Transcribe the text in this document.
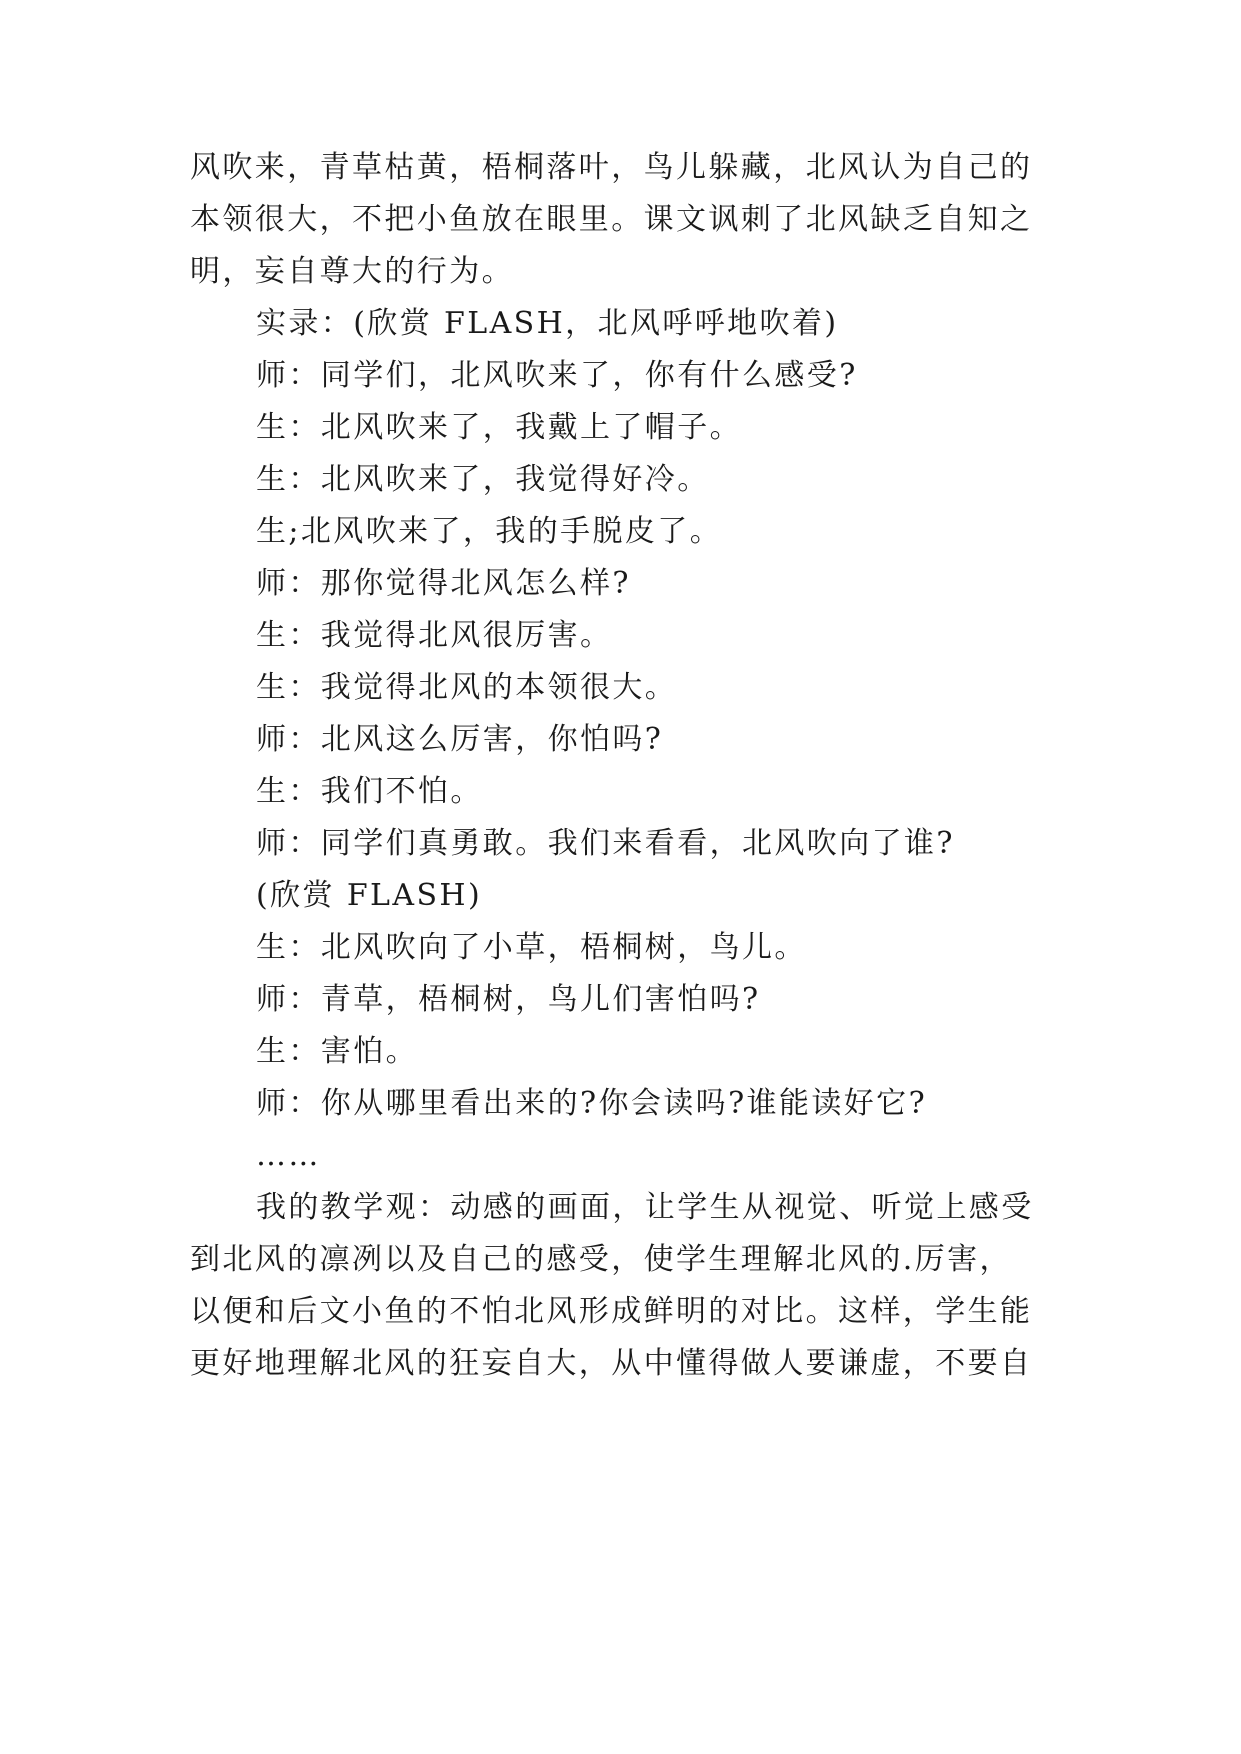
风吹来，青草枯黄，梧桐落叶，鸟儿躲藏，北风认为自己的
本领很大，不把小鱼放在眼里。课文讽刺了北风缺乏自知之
明，妄自尊大的行为。
实录：(欣赏 FLASH，北风呼呼地吹着)
师：同学们，北风吹来了，你有什么感受?
生：北风吹来了，我戴上了帽子。
生：北风吹来了，我觉得好冷。
生;北风吹来了，我的手脱皮了。
师：那你觉得北风怎么样?
生：我觉得北风很厉害。
生：我觉得北风的本领很大。
师：北风这么厉害，你怕吗?
生：我们不怕。
师：同学们真勇敢。我们来看看，北风吹向了谁?
(欣赏 FLASH)
生：北风吹向了小草，梧桐树，鸟儿。
师：青草，梧桐树，鸟儿们害怕吗?
生：害怕。
师：你从哪里看出来的?你会读吗?谁能读好它?
……
我的教学观：动感的画面，让学生从视觉、听觉上感受
到北风的凛冽以及自己的感受，使学生理解北风的.厉害，
以便和后文小鱼的不怕北风形成鲜明的对比。这样，学生能
更好地理解北风的狂妄自大，从中懂得做人要谦虚，不要自
